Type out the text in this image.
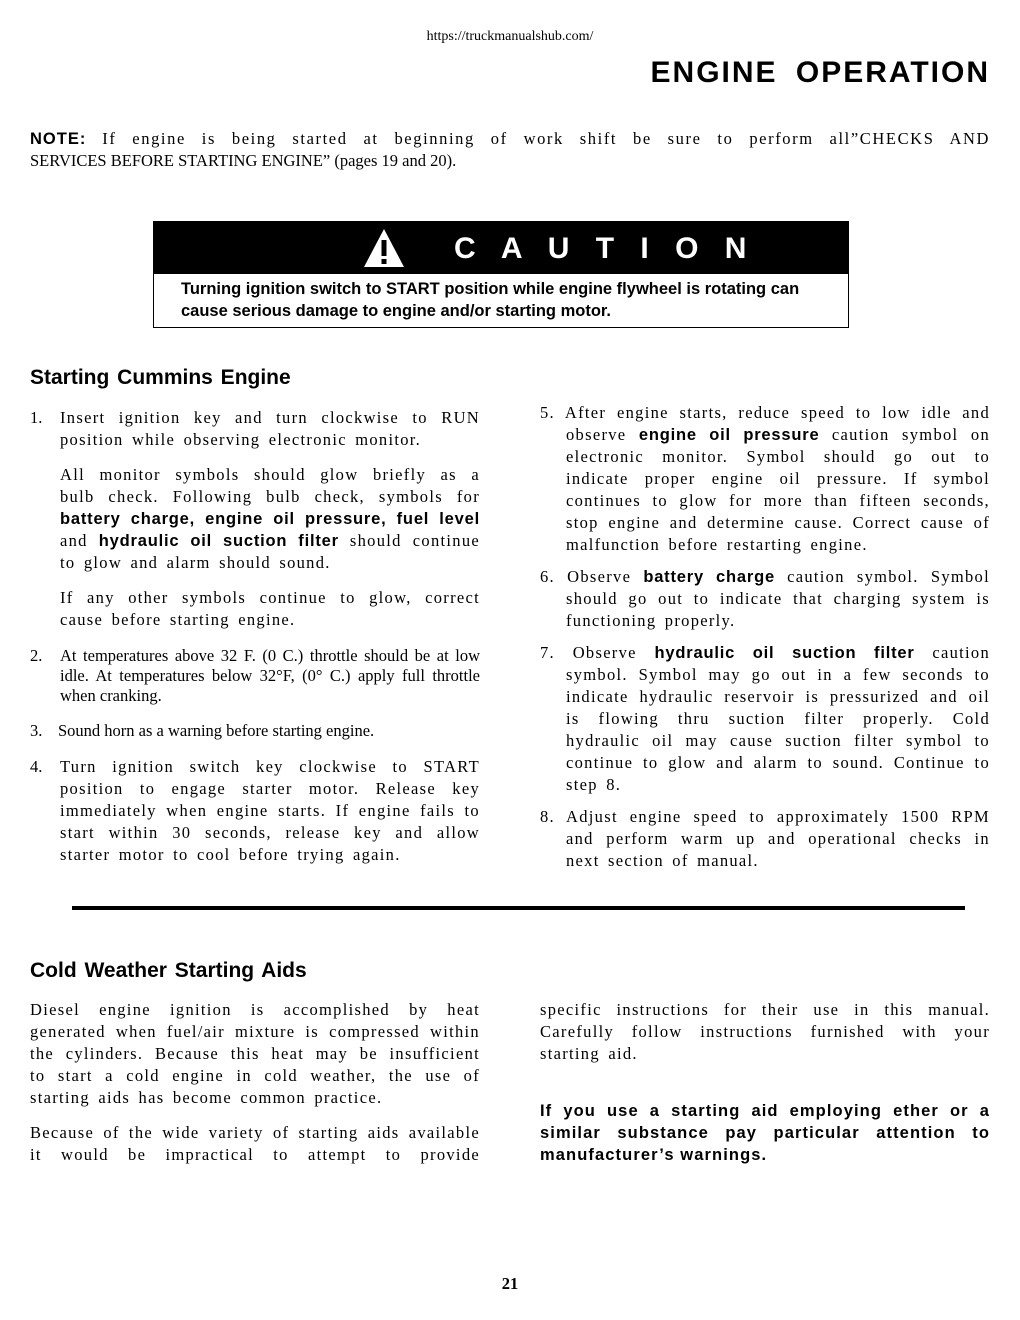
https://truckmanualshub.com/
ENGINE OPERATION
NOTE: If engine is being started at beginning of work shift be sure to perform all”CHECKS AND
SERVICES BEFORE STARTING ENGINE” (pages 19 and 20).
C A U T I O N
Turning ignition switch to START position while engine flywheel is rotating can cause serious damage to engine and/or starting motor.
Starting Cummins Engine
1. Insert ignition key and turn clockwise to RUN position while observing electronic monitor.

All monitor symbols should glow briefly as a bulb check. Following bulb check, symbols for battery charge, engine oil pressure, fuel level and hydraulic oil suction filter should continue to glow and alarm should sound.

If any other symbols continue to glow, correct cause before starting engine.

2. At temperatures above 32 F. (0 C.) throttle should be at low idle. At temperatures below 32°F, (0° C.) apply full throttle when cranking.

3. Sound horn as a warning before starting engine.

4. Turn ignition switch key clockwise to START position to engage starter motor. Release key immediately when engine starts. If engine fails to start within 30 seconds, release key and allow starter motor to cool before trying again.

5. After engine starts, reduce speed to low idle and observe engine oil pressure caution symbol on electronic monitor. Symbol should go out to indicate proper engine oil pressure. If symbol continues to glow for more than fifteen seconds, stop engine and determine cause. Correct cause of malfunction before restarting engine.

6. Observe battery charge caution symbol. Symbol should go out to indicate that charging system is functioning properly.

7. Observe hydraulic oil suction filter caution symbol. Symbol may go out in a few seconds to indicate hydraulic reservoir is pressurized and oil is flowing thru suction filter properly. Cold hydraulic oil may cause suction filter symbol to continue to glow and alarm to sound. Continue to step 8.

8. Adjust engine speed to approximately 1500 RPM and perform warm up and operational checks in next section of manual.

Cold Weather Starting Aids

Diesel engine ignition is accomplished by heat generated when fuel/air mixture is compressed within the cylinders. Because this heat may be insufficient to start a cold engine in cold weather, the use of starting aids has become common practice.

Because of the wide variety of starting aids available it would be impractical to attempt to provide

specific instructions for their use in this manual. Carefully follow instructions furnished with your starting aid.

If you use a starting aid employing ether or a similar substance pay particular attention to manufacturer’s warnings.

21
